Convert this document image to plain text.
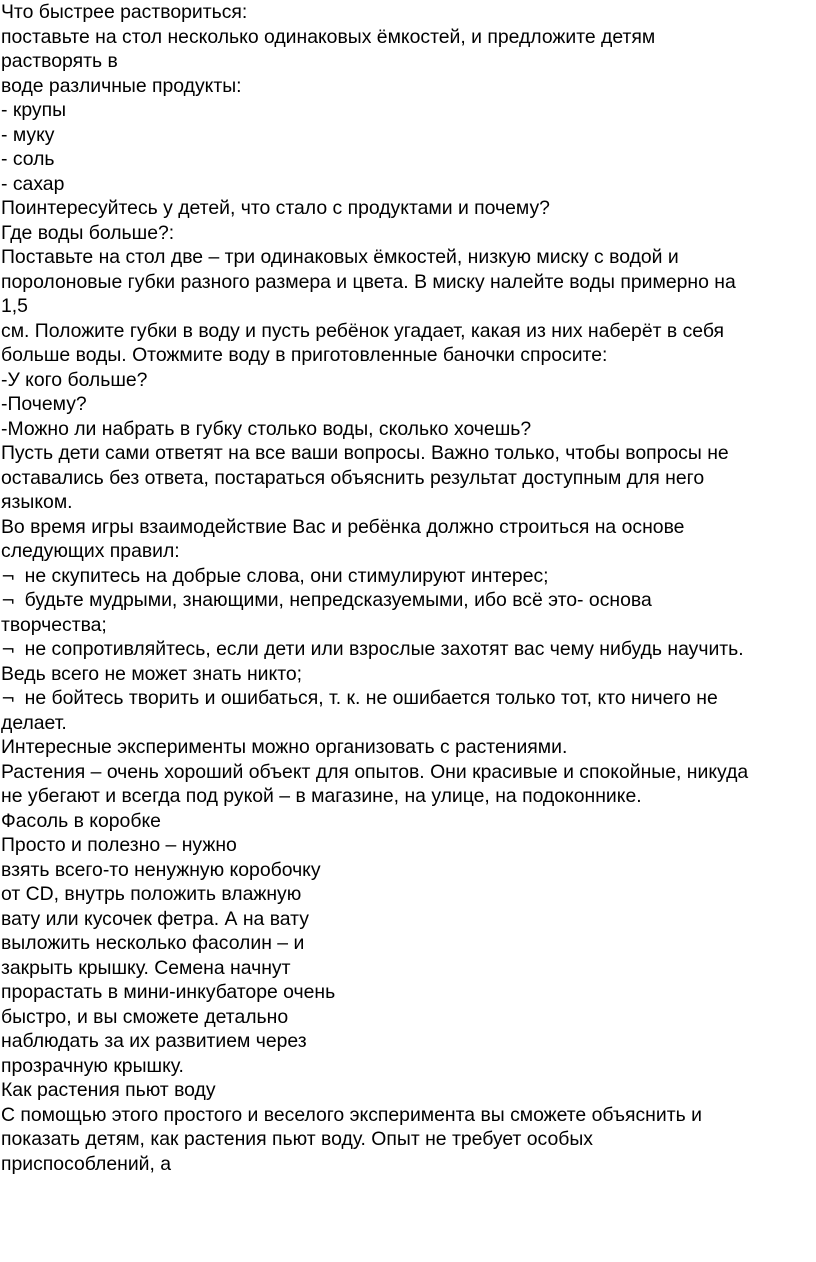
Что быстрее раствориться:
поставьте на стол несколько одинаковых ёмкостей, и предложите детям
растворять в
воде различные продукты:
- крупы
- муку
- соль
- сахар
Поинтересуйтесь у детей, что стало с продуктами и почему?
Где воды больше?:
Поставьте на стол две – три одинаковых ёмкостей, низкую миску с водой и
поролоновые губки разного размера и цвета. В миску налейте воды примерно на
1,5
см. Положите губки в воду и пусть ребёнок угадает, какая из них наберёт в себя
больше воды. Отожмите воду в приготовленные баночки спросите:
-У кого больше?
-Почему?
-Можно ли набрать в губку столько воды, сколько хочешь?
Пусть дети сами ответят на все ваши вопросы. Важно только, чтобы вопросы не
оставались без ответа, постараться объяснить результат доступным для него
языком.
Во время игры взаимодействие Вас и ребёнка должно строиться на основе
следующих правил:
¬ не скупитесь на добрые слова, они стимулируют интерес;
¬ будьте мудрыми, знающими, непредсказуемыми, ибо всё это- основа
творчества;
¬ не сопротивляйтесь, если дети или взрослые захотят вас чему нибудь научить.
Ведь всего не может знать никто;
¬ не бойтесь творить и ошибаться, т. к. не ошибается только тот, кто ничего не
делает.
Интересные эксперименты можно организовать с растениями.
Растения – очень хороший объект для опытов. Они красивые и спокойные, никуда
не убегают и всегда под рукой – в магазине, на улице, на подоконнике.
Фасоль в коробке
Просто и полезно – нужно
взять всего-то ненужную коробочку
от CD, внутрь положить влажную
вату или кусочек фетра. А на вату
выложить несколько фасолин – и
закрыть крышку. Семена начнут
прорастать в мини-инкубаторе очень
быстро, и вы сможете детально
наблюдать за их развитием через
прозрачную крышку.
Как растения пьют воду
С помощью этого простого и веселого эксперимента вы сможете объяснить и
показать детям, как растения пьют воду. Опыт не требует особых
приспособлений, а
